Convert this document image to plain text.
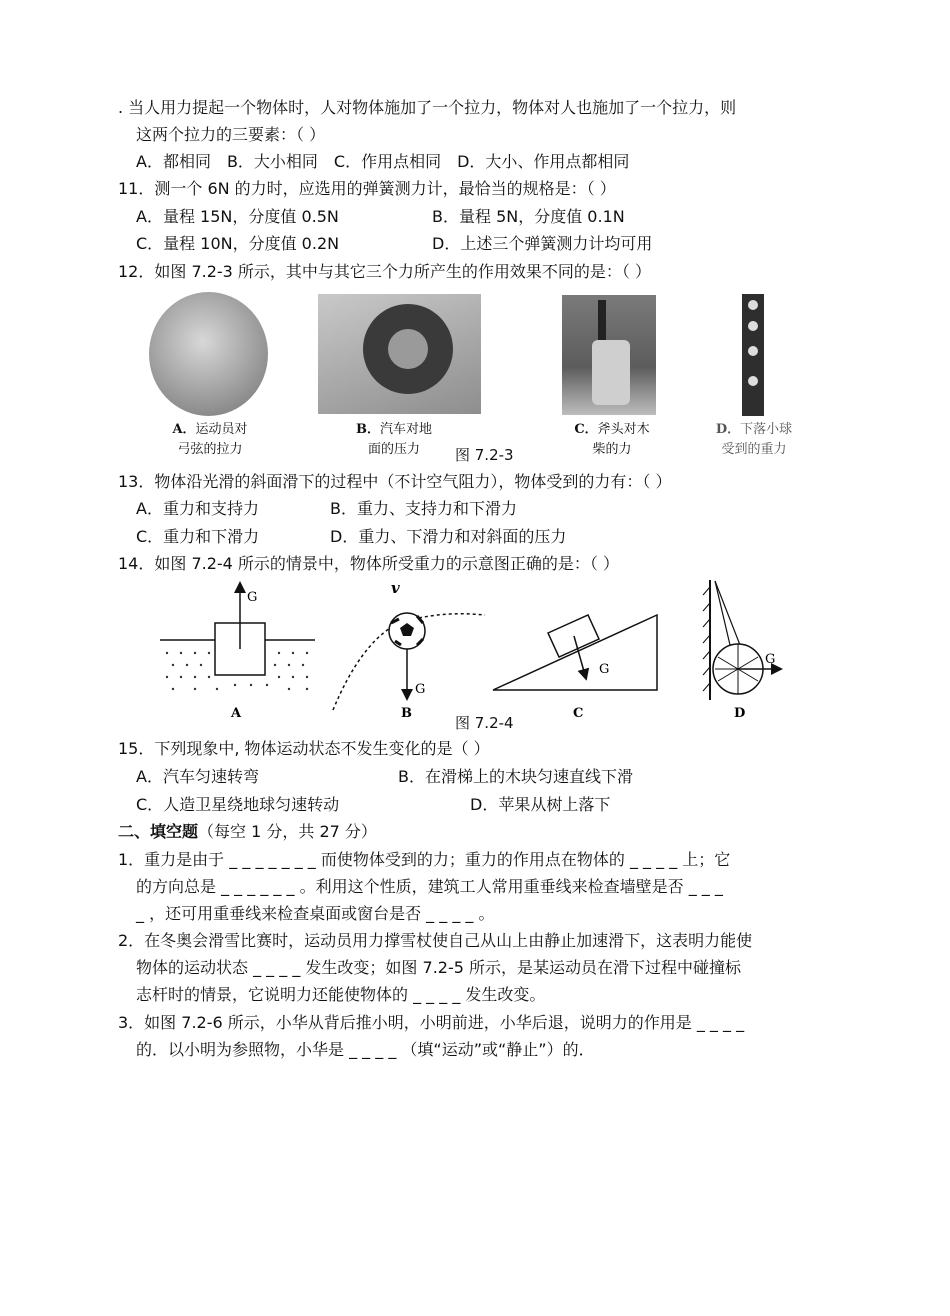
. 当人用力提起一个物体时，人对物体施加了一个拉力，物体对人也施加了一个拉力，则
这两个拉力的三要素：（ ）
A．都相同　B．大小相同　C．作用点相同　D．大小、作用点都相同
11．测一个 6N 的力时，应选用的弹簧测力计，最恰当的规格是：（ ）
A．量程 15N，分度值 0.5N	B．量程 5N，分度值 0.1N
C．量程 10N，分度值 0.2N	D．上述三个弹簧测力计均可用
12．如图 7.2-3 所示，其中与其它三个力所产生的作用效果不同的是：（ ）
A．运动员对
弓弦的拉力
B．汽车对地
面的压力	图 7.2-3
C．斧头对木
柴的力
D．下落小球
受到的重力
13．物体沿光滑的斜面滑下的过程中（不计空气阻力），物体受到的力有：（ ）
A．重力和支持力	B．重力、支持力和下滑力
C．重力和下滑力	D．重力、下滑力和对斜面的压力
14．如图 7.2-4 所示的情景中，物体所受重力的示意图正确的是：（ ）
G
A
G
v
B
G
C
G
D
图 7.2-4
15．下列现象中, 物体运动状态不发生变化的是（ ）
A．汽车匀速转弯	B．在滑梯上的木块匀速直线下滑
C．人造卫星绕地球匀速转动	D．苹果从树上落下
二、填空题（每空 1 分，共 27 分）
1．重力是由于 _ _ _ _ _ _ _ 而使物体受到的力；重力的作用点在物体的 _ _ _ _ 上；它
的方向总是 _ _ _ _ _ _ 。利用这个性质，建筑工人常用重垂线来检查墙壁是否 _ _ _
_ ，还可用重垂线来检查桌面或窗台是否 _ _ _ _ 。
2．在冬奥会滑雪比赛时，运动员用力撑雪杖使自己从山上由静止加速滑下，这表明力能使
物体的运动状态 _ _ _ _ 发生改变；如图 7.2-5 所示，是某运动员在滑下过程中碰撞标
志杆时的情景，它说明力还能使物体的 _ _ _ _ 发生改变。
3．如图 7.2-6 所示，小华从背后推小明，小明前进，小华后退，说明力的作用是 _ _ _ _
的．以小明为参照物，小华是 _ _ _ _ （填“运动”或“静止”）的．
